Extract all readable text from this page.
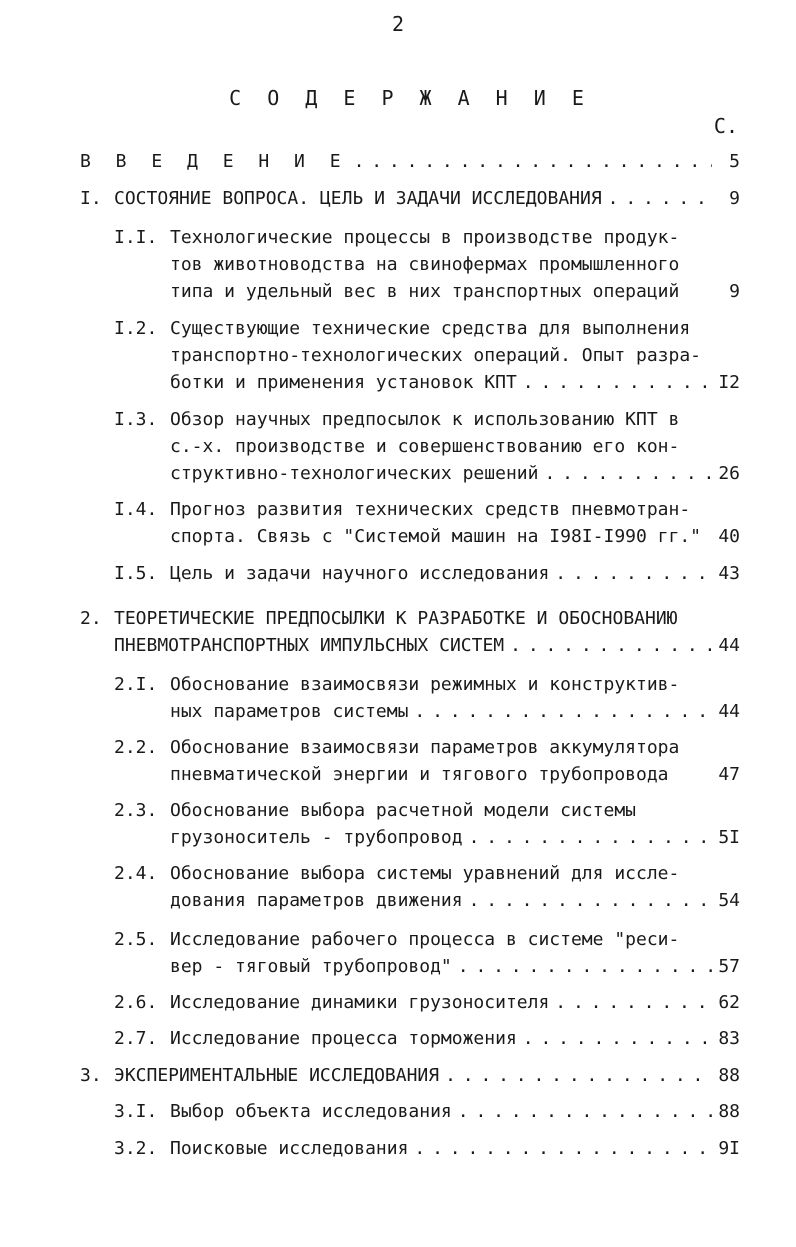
2
С О Д Е Р Ж А Н И Е
С.
В В Е Д Е Н И Е . . .	5
I. СОСТОЯНИЕ ВОПРОСА. ЦЕЛЬ И ЗАДАЧИ ИССЛЕДОВАНИЯ . . .	9
I.I. Технологические процессы в производстве продук-
тов животноводства на свинофермах промышленного
типа и удельный вес в них транспортных операций	9
I.2. Существующие технические средства для выполнения
транспортно-технологических операций. Опыт разра-
ботки и применения установок КПТ . . .	I2
I.3. Обзор научных предпосылок к использованию КПТ в
с.-х. производстве и совершенствованию его кон-
структивно-технологических решений . . .	26
I.4. Прогноз развития технических средств пневмотран-
спорта. Связь с "Системой машин на I98I-I990 гг." 40
I.5. Цель и задачи научного исследования . . .	43
2. ТЕОРЕТИЧЕСКИЕ ПРЕДПОСЫЛКИ К РАЗРАБОТКЕ И ОБОСНОВАНИЮ
ПНЕВМОТРАНСПОРТНЫХ ИМПУЛЬСНЫХ СИСТЕМ . . .	44
2.I. Обоснование взаимосвязи режимных и конструктив-
ных параметров системы . . .	44
2.2. Обоснование взаимосвязи параметров аккумулятора
пневматической энергии и тягового трубопровода	47
2.3. Обоснование выбора расчетной модели системы
грузоноситель - трубопровод . . .	5I
2.4. Обоснование выбора системы уравнений для иссле-
дования параметров движения . . .	54
2.5. Исследование рабочего процесса в системе "реси-
вер - тяговый трубопровод" . . .	57
2.6. Исследование динамики грузоносителя . . .	62
2.7. Исследование процесса торможения . . .	83
3. ЭКСПЕРИМЕНТАЛЬНЫЕ ИССЛЕДОВАНИЯ . . .	88
3.I. Выбор объекта исследования . . .	88
3.2. Поисковые исследования . . .	9I
